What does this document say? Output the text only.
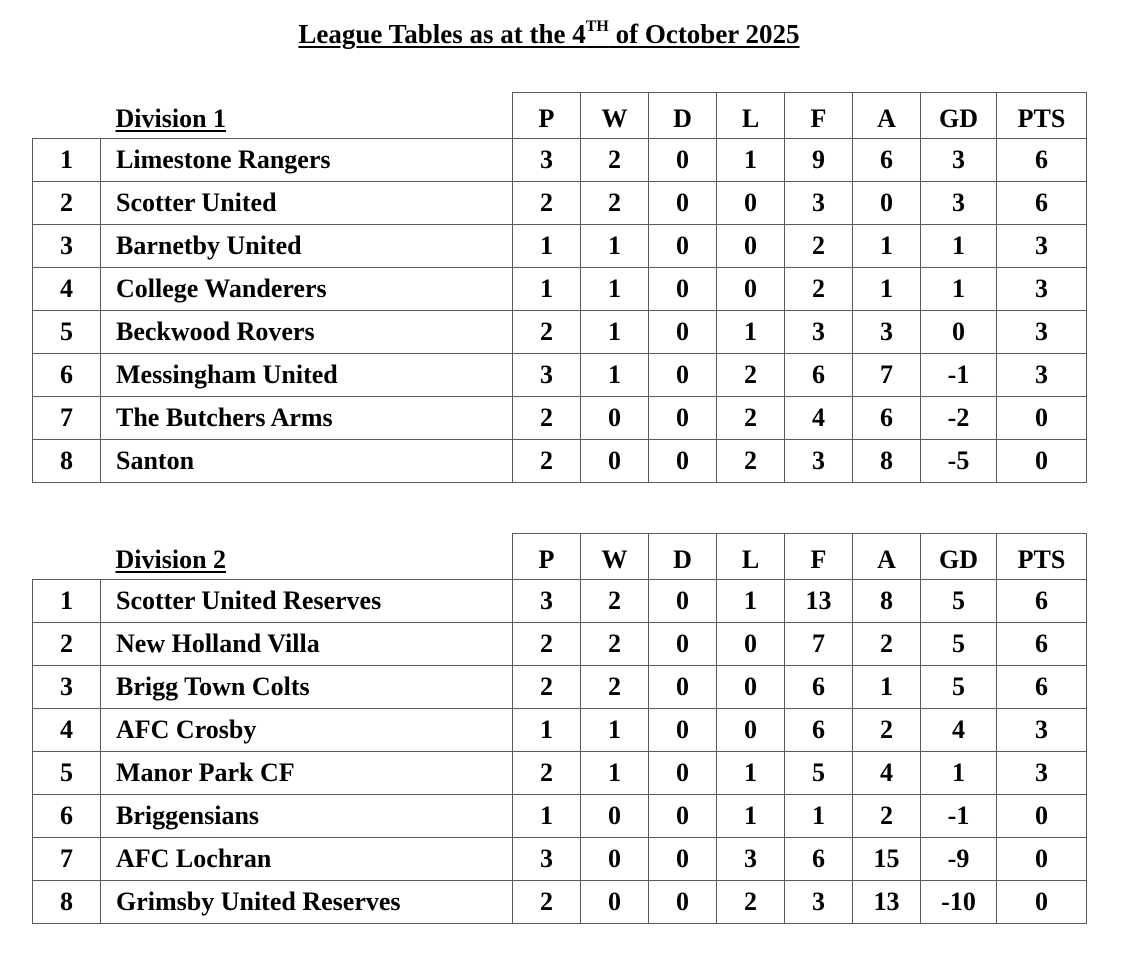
League Tables as at the 4TH of October 2025
	Division 1	P	W	D	L	F	A	GD	PTS
1	Limestone Rangers	3	2	0	1	9	6	3	6
2	Scotter United	2	2	0	0	3	0	3	6
3	Barnetby United	1	1	0	0	2	1	1	3
4	College Wanderers	1	1	0	0	2	1	1	3
5	Beckwood Rovers	2	1	0	1	3	3	0	3
6	Messingham United	3	1	0	2	6	7	-1	3
7	The Butchers Arms	2	0	0	2	4	6	-2	0
8	Santon	2	0	0	2	3	8	-5	0
	Division 2	P	W	D	L	F	A	GD	PTS
1	Scotter United Reserves	3	2	0	1	13	8	5	6
2	New Holland Villa	2	2	0	0	7	2	5	6
3	Brigg Town Colts	2	2	0	0	6	1	5	6
4	AFC Crosby	1	1	0	0	6	2	4	3
5	Manor Park CF	2	1	0	1	5	4	1	3
6	Briggensians	1	0	0	1	1	2	-1	0
7	AFC Lochran	3	0	0	3	6	15	-9	0
8	Grimsby United Reserves	2	0	0	2	3	13	-10	0
